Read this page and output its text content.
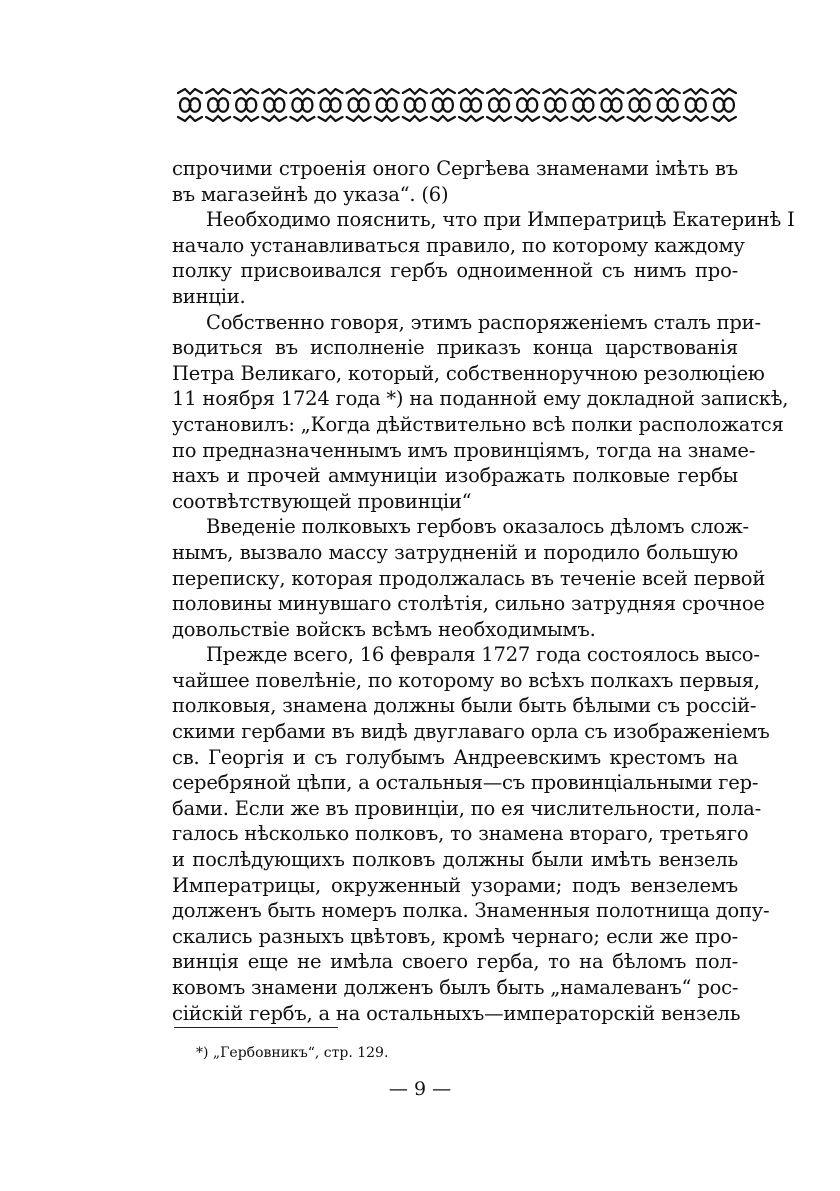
спрочими строенія оного Сергѣева знаменами імѣть въ
въ магазейнѣ до указа“. (6)
Необходимо пояснить, что при Императрицѣ Екатеринѣ I
начало устанавливаться правило, по которому каждому
полку присвоивался гербъ одноименной съ нимъ про-
винціи.
Собственно говоря, этимъ распоряженіемъ сталъ при-
водиться въ исполненіе приказъ конца царствованія
Петра Великаго, который, собственноручною резолюціею
11 ноября 1724 года *) на поданной ему докладной запискѣ,
установилъ: „Когда дѣйствительно всѣ полки расположатся
по предназначеннымъ имъ провинціямъ, тогда на знаме-
нахъ и прочей аммуниціи изображать полковые гербы
соотвѣтствующей провинціи“
Введеніе полковыхъ гербовъ оказалось дѣломъ слож-
нымъ, вызвало массу затрудненій и породило большую
переписку, которая продолжалась въ теченіе всей первой
половины минувшаго столѣтія, сильно затрудняя срочное
довольствіе войскъ всѣмъ необходимымъ.
Прежде всего, 16 февраля 1727 года состоялось высо-
чайшее повелѣніе, по которому во всѣхъ полкахъ первыя,
полковыя, знамена должны были быть бѣлыми съ россій-
скими гербами въ видѣ двуглаваго орла съ изображеніемъ
св. Георгія и съ голубымъ Андреевскимъ крестомъ на
серебряной цѣпи, а остальныя—съ провинціальными гер-
бами. Если же въ провинціи, по ея числительности, пола-
галось нѣсколько полковъ, то знамена втораго, третьяго
и послѣдующихъ полковъ должны были имѣть вензель
Императрицы, окруженный узорами; подъ вензелемъ
долженъ быть номеръ полка. Знаменныя полотнища допу-
скались разныхъ цвѣтовъ, кромѣ чернаго; если же про-
винція еще не имѣла своего герба, то на бѣломъ пол-
ковомъ знамени долженъ былъ быть „намалеванъ“ рос-
сійскій гербъ, а на остальныхъ—императорскій вензель
*) „Гербовникъ“, стр. 129.
— 9 —
